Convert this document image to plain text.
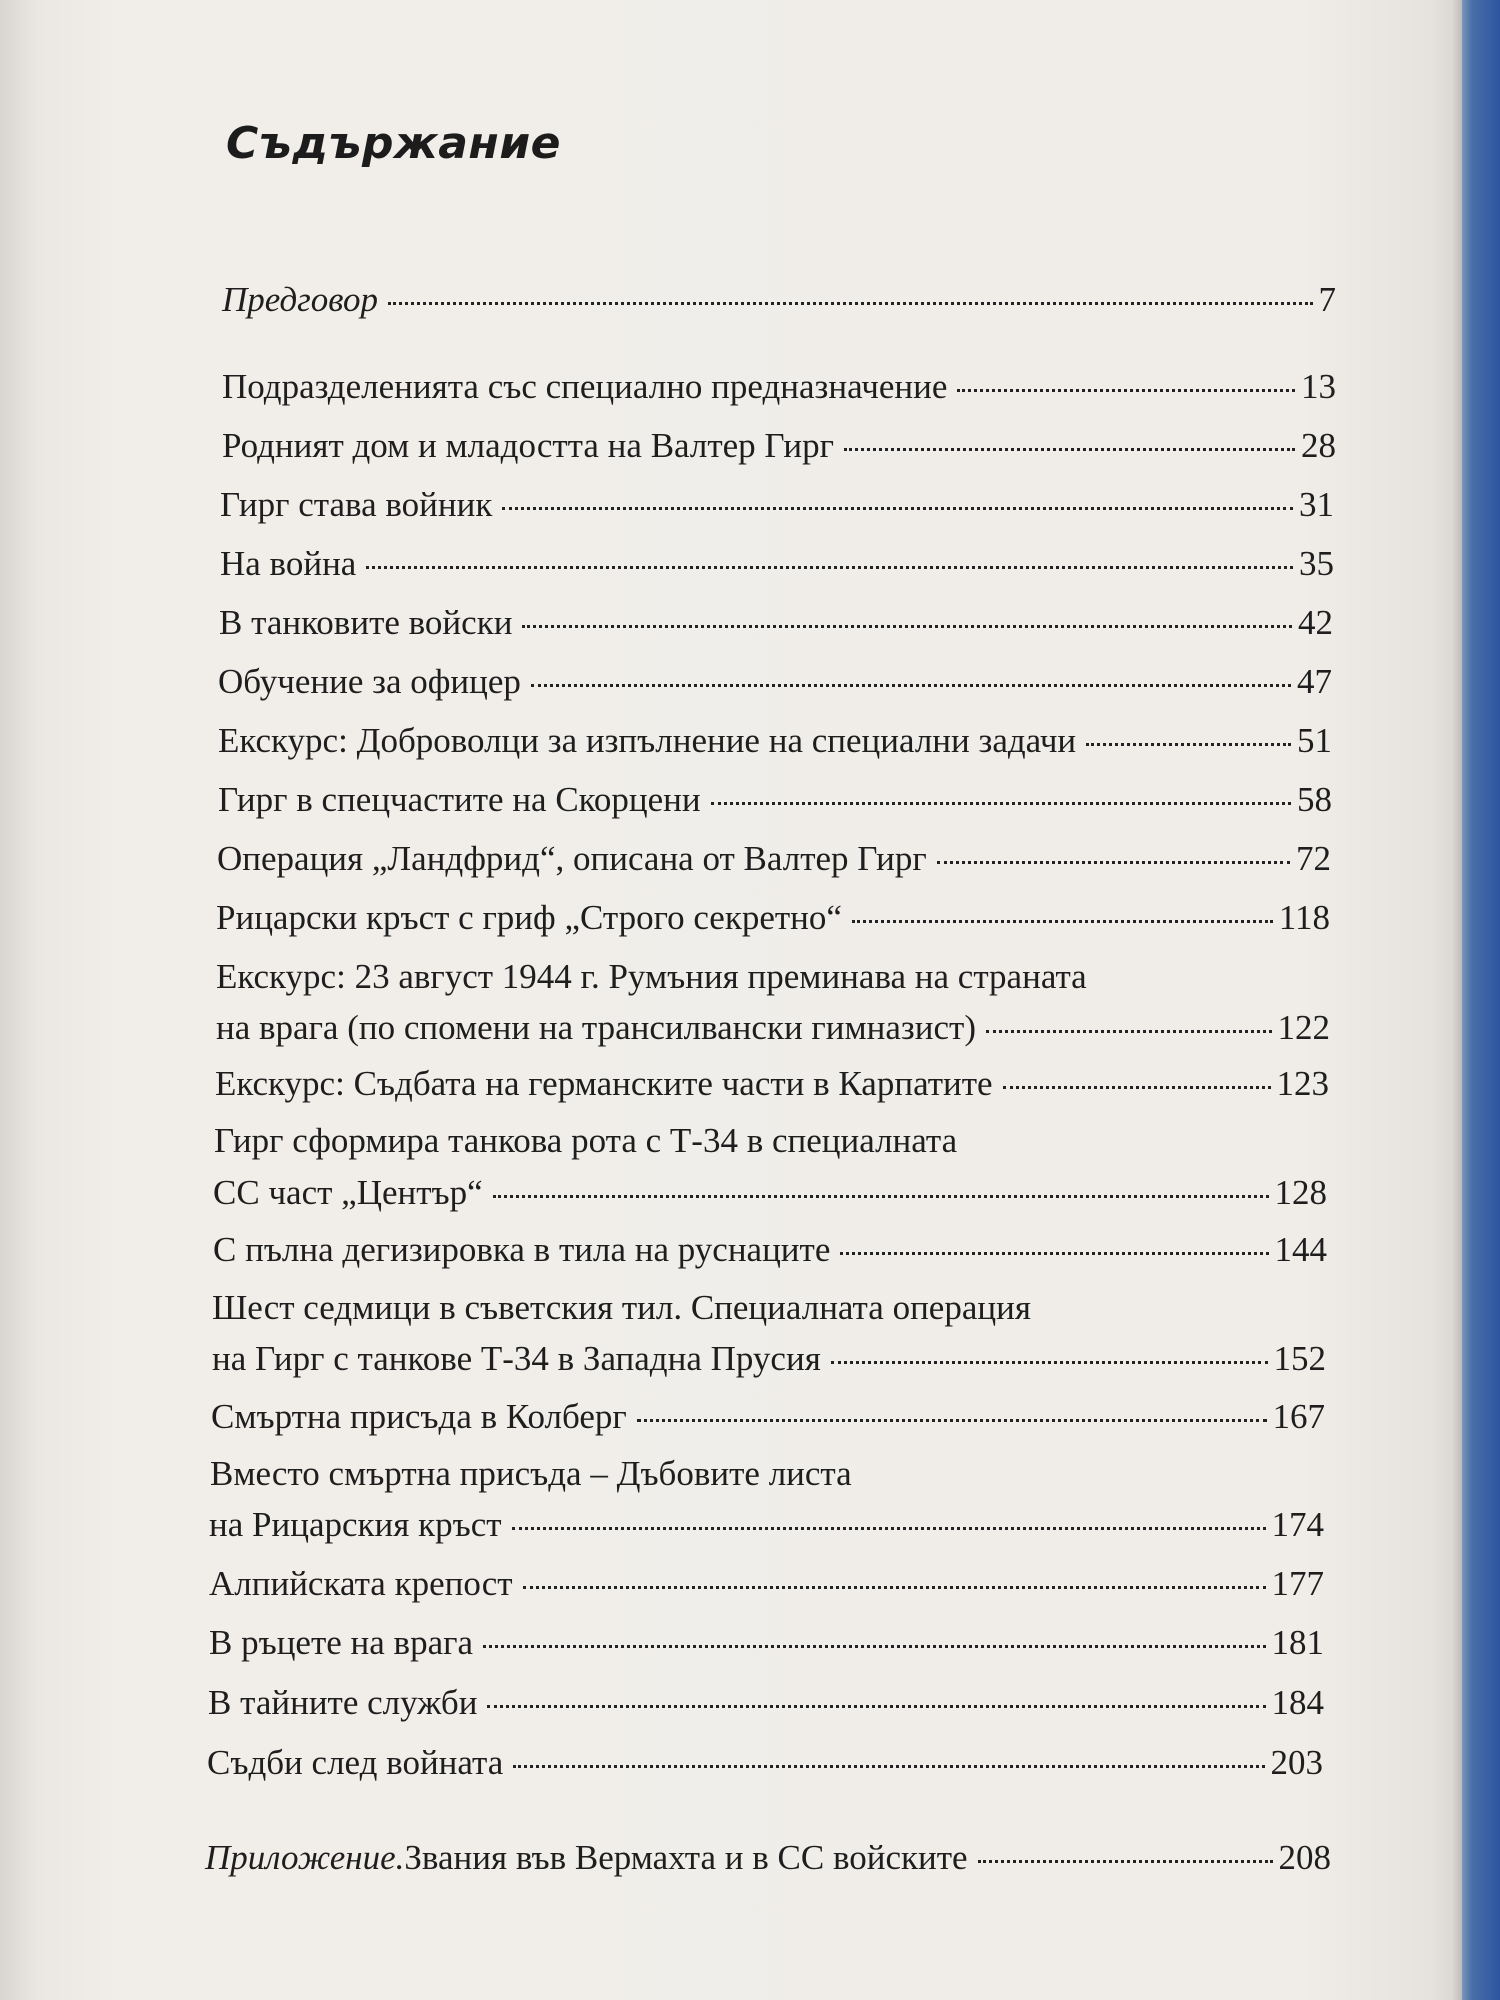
Съдържание
Предговор	7
Подразделенията със специално предназначение	13
Родният дом и младостта на Валтер Гирг	28
Гирг става войник	31
На война	35
В танковите войски	42
Обучение за офицер	47
Екскурс: Доброволци за изпълнение на специални задачи	51
Гирг в спецчастите на Скорцени	58
Операция „Ландфрид“, описана от Валтер Гирг	72
Рицарски кръст с гриф „Строго секретно“	118
Екскурс: 23 август 1944 г. Румъния преминава на страната
на врага (по спомени на трансилвански гимназист)	122
Екскурс: Съдбата на германските части в Карпатите	123
Гирг сформира танкова рота с Т-34 в специалната
СС част „Център“	128
С пълна дегизировка в тила на руснаците	144
Шест седмици в съветския тил. Специалната операция
на Гирг с танкове Т-34 в Западна Прусия	152
Смъртна присъда в Колберг	167
Вместо смъртна присъда – Дъбовите листа
на Рицарския кръст	174
Алпийската крепост	177
В ръцете на врага	181
В тайните служби	184
Съдби след войната	203
Приложение. Звания във Вермахта и в СС войските	208
